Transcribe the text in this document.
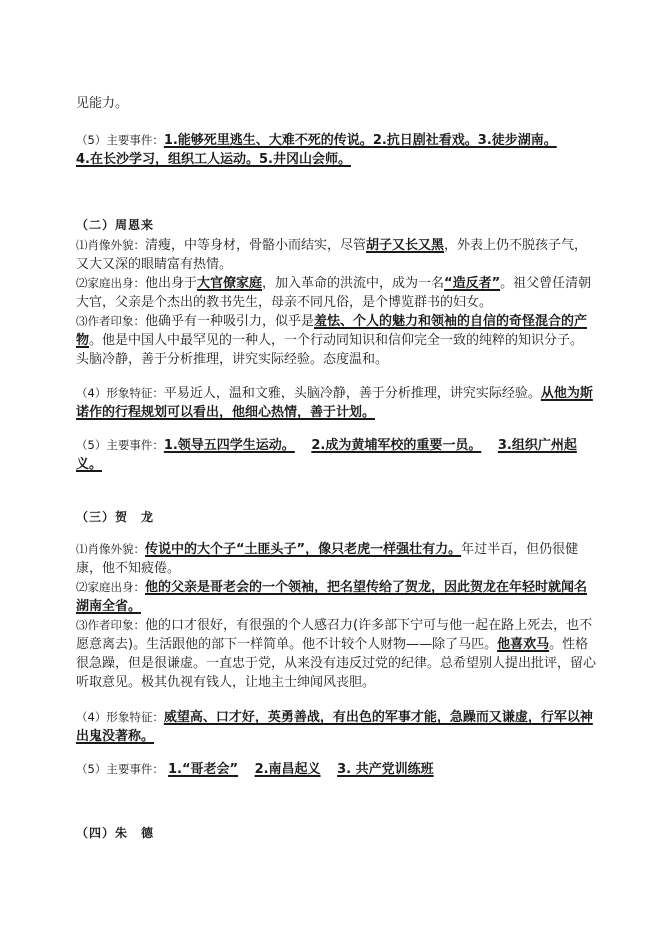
见能力。
（5）主要事件：1.能够死里逃生、大难不死的传说。2.抗日剧社看戏。3.徒步湖南。
4.在长沙学习，组织工人运动。5.井冈山会师。
（二）周恩来
⑴肖像外貌：清瘦，中等身材，骨骼小而结实，尽管胡子又长又黑，外表上仍不脱孩子气，又大又深的眼睛富有热情。
⑵家庭出身：他出身于大官僚家庭，加入革命的洪流中，成为一名“造反者”。祖父曾任清朝大官，父亲是个杰出的教书先生，母亲不同凡俗，是个博览群书的妇女。
⑶作者印象：他确乎有一种吸引力，似乎是羞怯、个人的魅力和领袖的自信的奇怪混合的产物。他是中国人中最罕见的一种人，一个行动同知识和信仰完全一致的纯粹的知识分子。头脑冷静，善于分析推理，讲究实际经验。态度温和。
（4）形象特征：平易近人，温和文雅，头脑冷静，善于分析推理，讲究实际经验。从他为斯诺作的行程规划可以看出，他细心热情，善于计划。
（5）主要事件：1.领导五四学生运动。 2.成为黄埔军校的重要一员。 3.组织广州起义。
（三）贺　龙
⑴肖像外貌：传说中的大个子“土匪头子”，像只老虎一样强壮有力。年过半百，但仍很健康，他不知疲倦。
⑵家庭出身：他的父亲是哥老会的一个领袖，把名望传给了贺龙，因此贺龙在年轻时就闻名湖南全省。
⑶作者印象：他的口才很好，有很强的个人感召力(许多部下宁可与他一起在路上死去，也不愿意离去)。生活跟他的部下一样简单。他不计较个人财物——除了马匹。他喜欢马。性格很急躁，但是很谦虚。一直忠于党，从来没有违反过党的纪律。总希望别人提出批评，留心听取意见。极其仇视有钱人，让地主士绅闻风丧胆。
（4）形象特征：威望高、口才好，英勇善战，有出色的军事才能，急躁而又谦虚，行军以神出鬼没著称。
（5）主要事件： 1.“哥老会” 2.南昌起义 3. 共产党训练班
（四）朱　德
